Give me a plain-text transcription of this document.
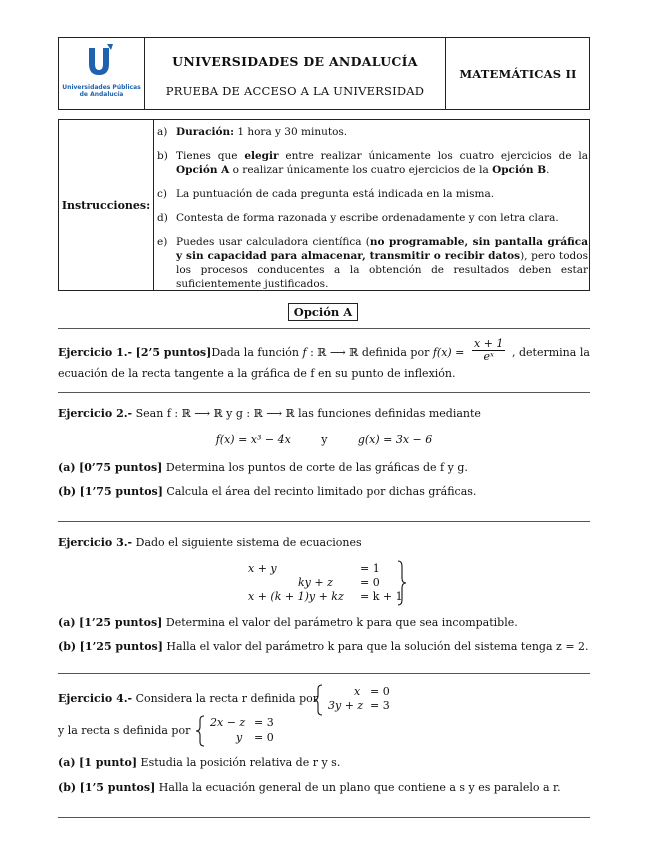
Universidades Públicas
de Andalucía
UNIVERSIDADES DE ANDALUCÍA
PRUEBA DE ACCESO A LA UNIVERSIDAD
MATEMÁTICAS II
Instrucciones:
a) Duración: 1 hora y 30 minutos.
b) Tienes que elegir entre realizar únicamente los cuatro ejercicios de la Opción A o realizar únicamente los cuatro ejercicios de la Opción B.
c) La puntuación de cada pregunta está indicada en la misma.
d) Contesta de forma razonada y escribe ordenadamente y con letra clara.
e) Puedes usar calculadora científica (no programable, sin pantalla gráfica y sin capacidad para almacenar, transmitir o recibir datos), pero todos los procesos conducentes a la obtención de resultados deben estar suficientemente justificados.
Opción A
Ejercicio 1.- [2’5 puntos]Dada la función f : ℝ ⟶ ℝ definida por $f(x) = \frac{x + 1}{\text{eˣ}}$ , determina la
ecuación de la recta tangente a la gráfica de f en su punto de inflexión.
Ejercicio 2.- Sean f : ℝ ⟶ ℝ y g : ℝ ⟶ ℝ las funciones definidas mediante
f(x) = x³ − 4x	y	g(x) = 3x − 6
(a) [0’75 puntos] Determina los puntos de corte de las gráficas de f y g.
(b) [1’75 puntos] Calcula el área del recinto limitado por dichas gráficas.
Ejercicio 3.- Dado el siguiente sistema de ecuaciones
x + y	= 1
ky + z = 0
x + (k + 1)y + kz = k + 1
(a) [1’25 puntos] Determina el valor del parámetro k para que sea incompatible.
(b) [1’25 puntos] Halla el valor del parámetro k para que la solución del sistema tenga z = 2.
Ejercicio 4.- Considera la recta r definida por
x = 0
3y + z = 3
y la recta s definida por
2x − z = 3
y = 0
(a) [1 punto] Estudia la posición relativa de r y s.
(b) [1’5 puntos] Halla la ecuación general de un plano que contiene a s y es paralelo a r.
